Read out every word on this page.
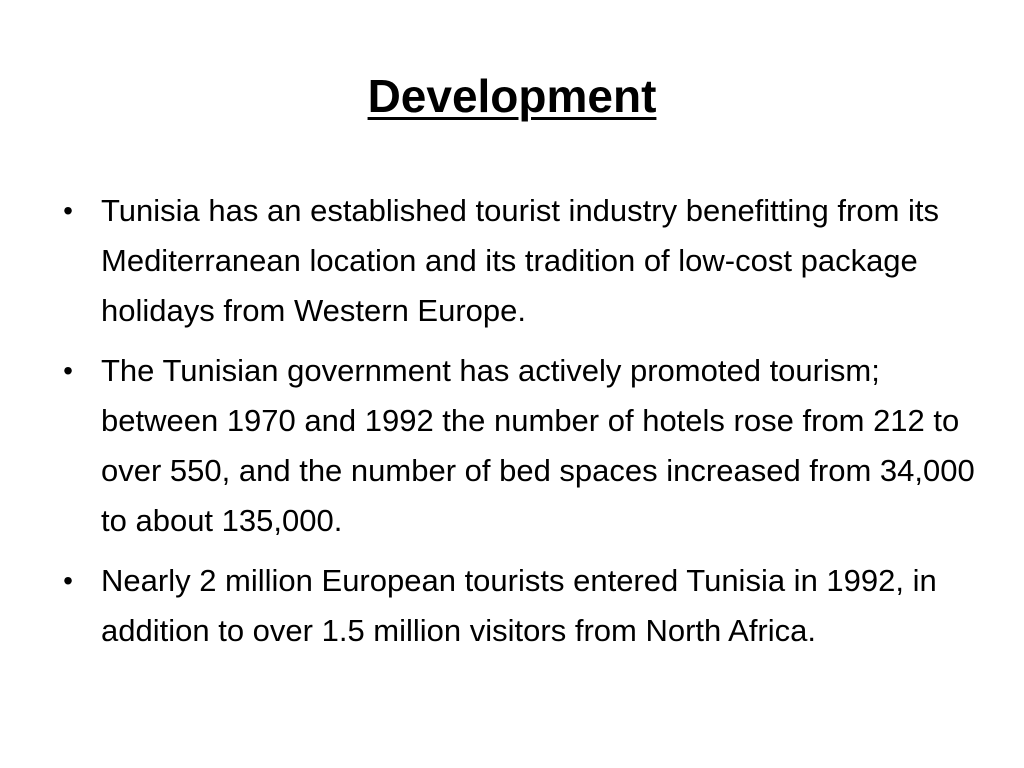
Development
• Tunisia has an established tourist industry benefitting from its Mediterranean location and its tradition of low-cost package holidays from Western Europe.
• The Tunisian government has actively promoted tourism; between 1970 and 1992 the number of hotels rose from 212 to over 550, and the number of bed spaces increased from 34,000 to about 135,000.
• Nearly 2 million European tourists entered Tunisia in 1992, in addition to over 1.5 million visitors from North Africa.
